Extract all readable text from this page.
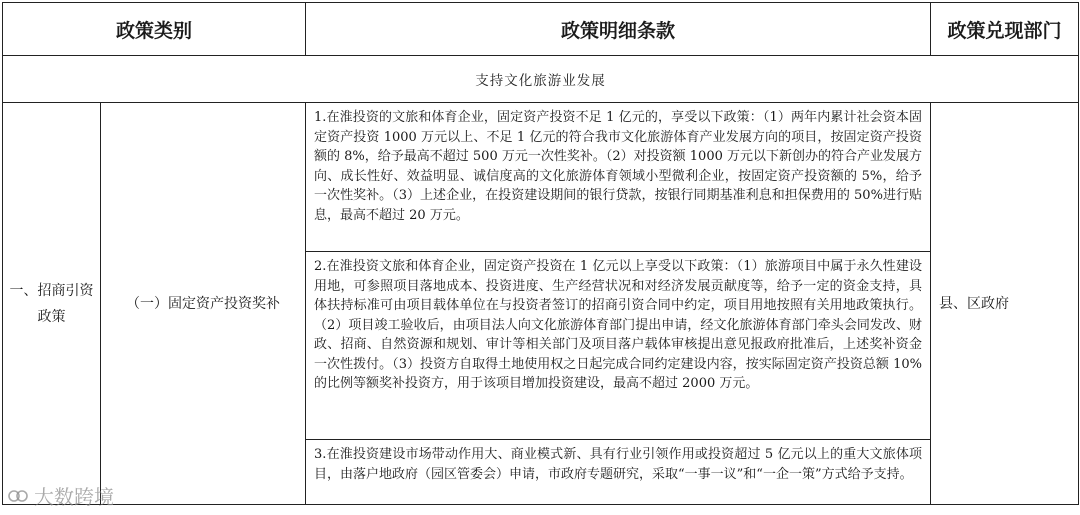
政策类别		政策明细条款	政策兑现部门
支持文化旅游业发展			
一、招商引资政策	（一）固定资产投资奖补	1.在淮投资的文旅和体育企业，固定资产投资不足 1 亿元的，享受以下政策：（1）两年内累计社会资本固定资产投资 1000 万元以上、不足 1 亿元的符合我市文化旅游体育产业发展方向的项目，按固定资产投资额的 8%，给予最高不超过 500 万元一次性奖补。（2）对投资额 1000 万元以下新创办的符合产业发展方向、成长性好、效益明显、诚信度高的文化旅游体育领域小型微利企业，按固定资产投资额的 5%，给予一次性奖补。（3）上述企业，在投资建设期间的银行贷款，按银行同期基准利息和担保费用的 50%进行贴息，最高不超过 20 万元。	县、区政府

		2.在淮投资文旅和体育企业，固定资产投资在 1 亿元以上享受以下政策：（1）旅游项目中属于永久性建设用地，可参照项目落地成本、投资进度、生产经营状况和对经济发展贡献度等，给予一定的资金支持，具体扶持标准可由项目载体单位在与投资者签订的招商引资合同中约定，项目用地按照有关用地政策执行。（2）项目竣工验收后，由项目法人向文化旅游体育部门提出申请，经文化旅游体育部门牵头会同发改、财政、招商、自然资源和规划、审计等相关部门及项目落户载体审核提出意见报政府批准后，上述奖补资金一次性拨付。（3）投资方自取得土地使用权之日起完成合同约定建设内容，按实际固定资产投资总额 10%的比例等额奖补投资方，用于该项目增加投资建设，最高不超过 2000 万元。	

		3.在淮投资建设市场带动作用大、商业模式新、具有行业引领作用或投资超过 5 亿元以上的重大文旅体项目，由落户地政府（园区管委会）申请，市政府专题研究，采取“一事一议”和“一企一策”方式给予支持。	
大数跨境
